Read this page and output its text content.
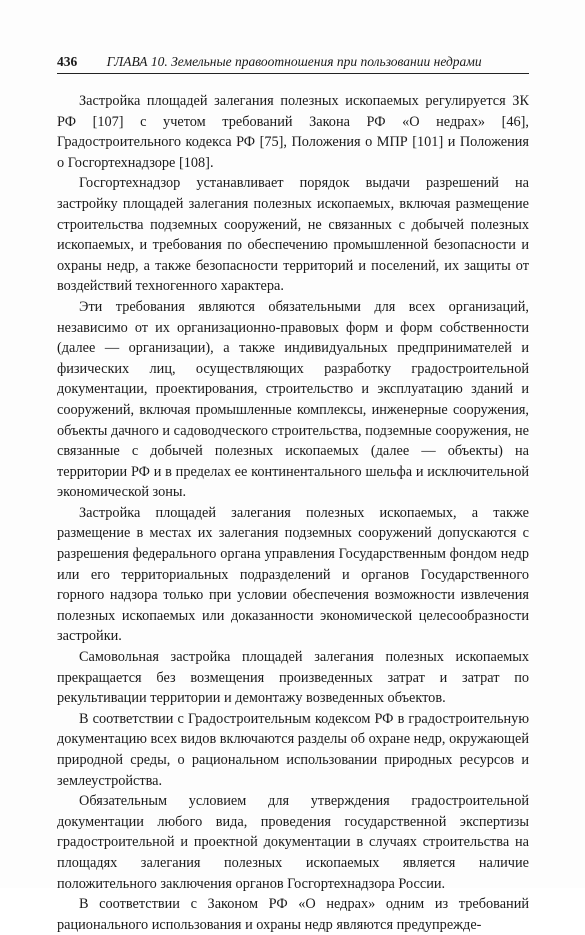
436 ГЛАВА 10. Земельные правоотношения при пользовании недрами

Застройка площадей залегания полезных ископаемых регулируется ЗК РФ [107] с учетом требований Закона РФ «О недрах» [46], Градостроительного кодекса РФ [75], Положения о МПР [101] и Положения о Госгортехнадзоре [108].

Госгортехнадзор устанавливает порядок выдачи разрешений на застройку площадей залегания полезных ископаемых, включая размещение строительства подземных сооружений, не связанных с добычей полезных ископаемых, и требования по обеспечению промышленной безопасности и охраны недр, а также безопасности территорий и поселений, их защиты от воздействий техногенного характера.

Эти требования являются обязательными для всех организаций, независимо от их организационно-правовых форм и форм собственности (далее — организации), а также индивидуальных предпринимателей и физических лиц, осуществляющих разработку градостроительной документации, проектирования, строительство и эксплуатацию зданий и сооружений, включая промышленные комплексы, инженерные сооружения, объекты дачного и садоводческого строительства, подземные сооружения, не связанные с добычей полезных ископаемых (далее — объекты) на территории РФ и в пределах ее континентального шельфа и исключительной экономической зоны.

Застройка площадей залегания полезных ископаемых, а также размещение в местах их залегания подземных сооружений допускаются с разрешения федерального органа управления Государственным фондом недр или его территориальных подразделений и органов Государственного горного надзора только при условии обеспечения возможности извлечения полезных ископаемых или доказанности экономической целесообразности застройки.

Самовольная застройка площадей залегания полезных ископаемых прекращается без возмещения произведенных затрат и затрат по рекультивации территории и демонтажу возведенных объектов.

В соответствии с Градостроительным кодексом РФ в градостроительную документацию всех видов включаются разделы об охране недр, окружающей природной среды, о рациональном использовании природных ресурсов и землеустройства.

Обязательным условием для утверждения градостроительной документации любого вида, проведения государственной экспертизы градостроительной и проектной документации в случаях строительства на площадях залегания полезных ископаемых является наличие положительного заключения органов Госгортехнадзора России.

В соответствии с Законом РФ «О недрах» одним из требований рационального использования и охраны недр являются предупрежде-
